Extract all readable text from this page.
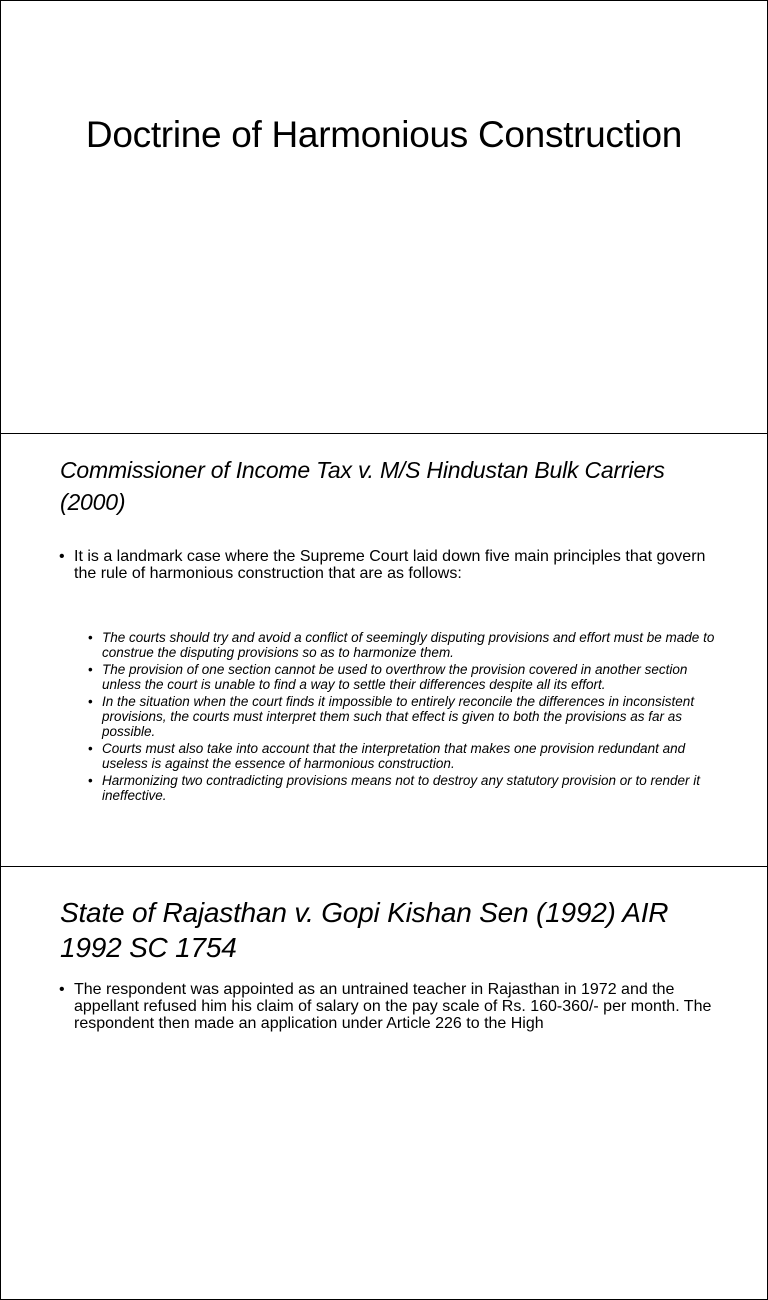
Doctrine of Harmonious Construction
Commissioner of Income Tax v. M/S Hindustan Bulk Carriers (2000)
• It is a landmark case where the Supreme Court laid down five main principles that govern the rule of harmonious construction that are as follows:
• The courts should try and avoid a conflict of seemingly disputing provisions and effort must be made to construe the disputing provisions so as to harmonize them.
• The provision of one section cannot be used to overthrow the provision covered in another section unless the court is unable to find a way to settle their differences despite all its effort.
• In the situation when the court finds it impossible to entirely reconcile the differences in inconsistent provisions, the courts must interpret them such that effect is given to both the provisions as far as possible.
• Courts must also take into account that the interpretation that makes one provision redundant and useless is against the essence of harmonious construction.
• Harmonizing two contradicting provisions means not to destroy any statutory provision or to render it ineffective.
State of Rajasthan v. Gopi Kishan Sen (1992) AIR 1992 SC 1754
• The respondent was appointed as an untrained teacher in Rajasthan in 1972 and the appellant refused him his claim of salary on the pay scale of Rs. 160-360/- per month. The respondent then made an application under Article 226 to the High
